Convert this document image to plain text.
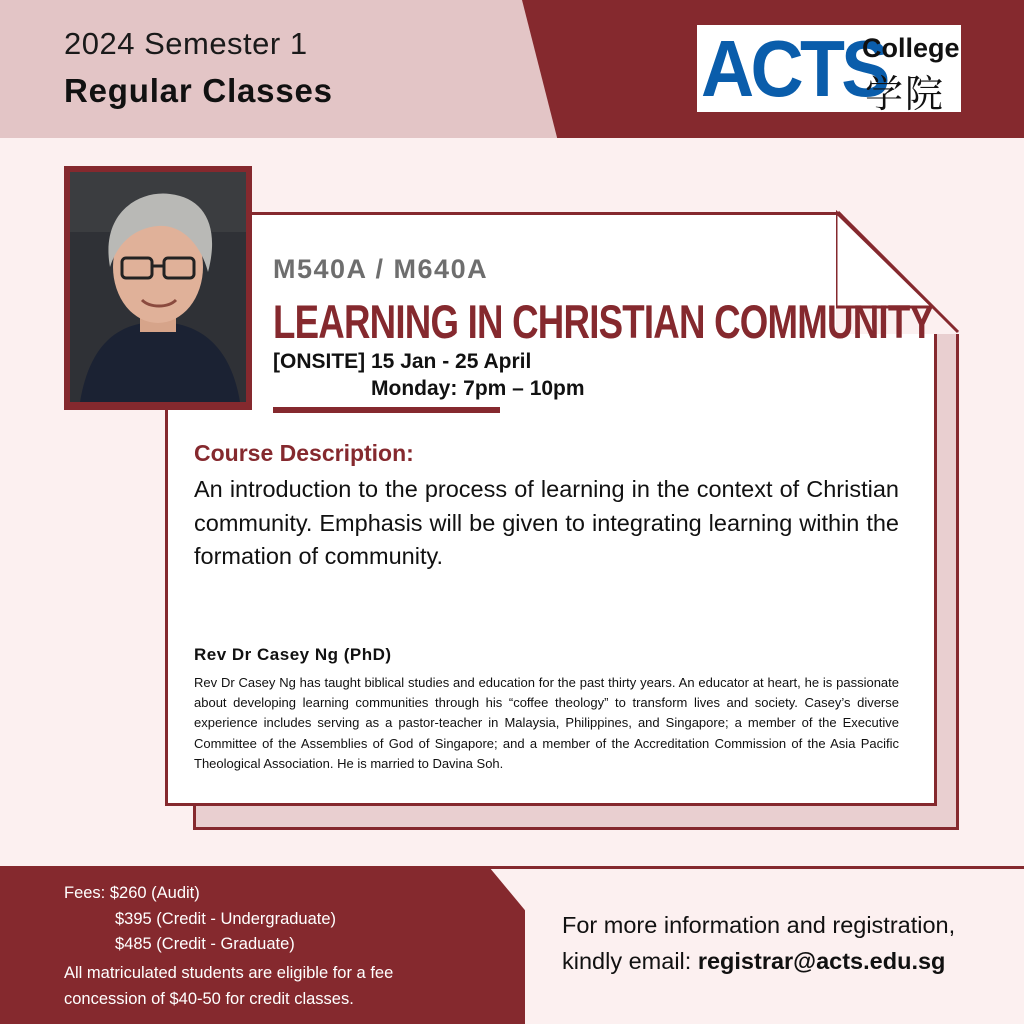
2024 Semester 1
Regular Classes	ACTS
College
学院
M540A / M640A
LEARNING IN CHRISTIAN COMMUNITY
[ONSITE] 15 Jan - 25 April
Monday: 7pm – 10pm
Course Description:
An introduction to the process of learning in the context of Christian community. Emphasis will be given to integrating learning within the formation of community.
Rev Dr Casey Ng (PhD)
Rev Dr Casey Ng has taught biblical studies and education for the past thirty years. An educator at heart, he is passionate about developing learning communities through his “coffee theology” to transform lives and society. Casey’s diverse experience includes serving as a pastor-teacher in Malaysia, Philippines, and Singapore; a member of the Executive Committee of the Assemblies of God of Singapore; and a member of the Accreditation Commission of the Asia Pacific Theological Association. He is married to Davina Soh.
Fees: $260 (Audit)
$395 (Credit - Undergraduate)
$485 (Credit - Graduate)
All matriculated students are eligible for a fee concession of $40-50 for credit classes.
For more information and registration,
kindly email: registrar@acts.edu.sg
